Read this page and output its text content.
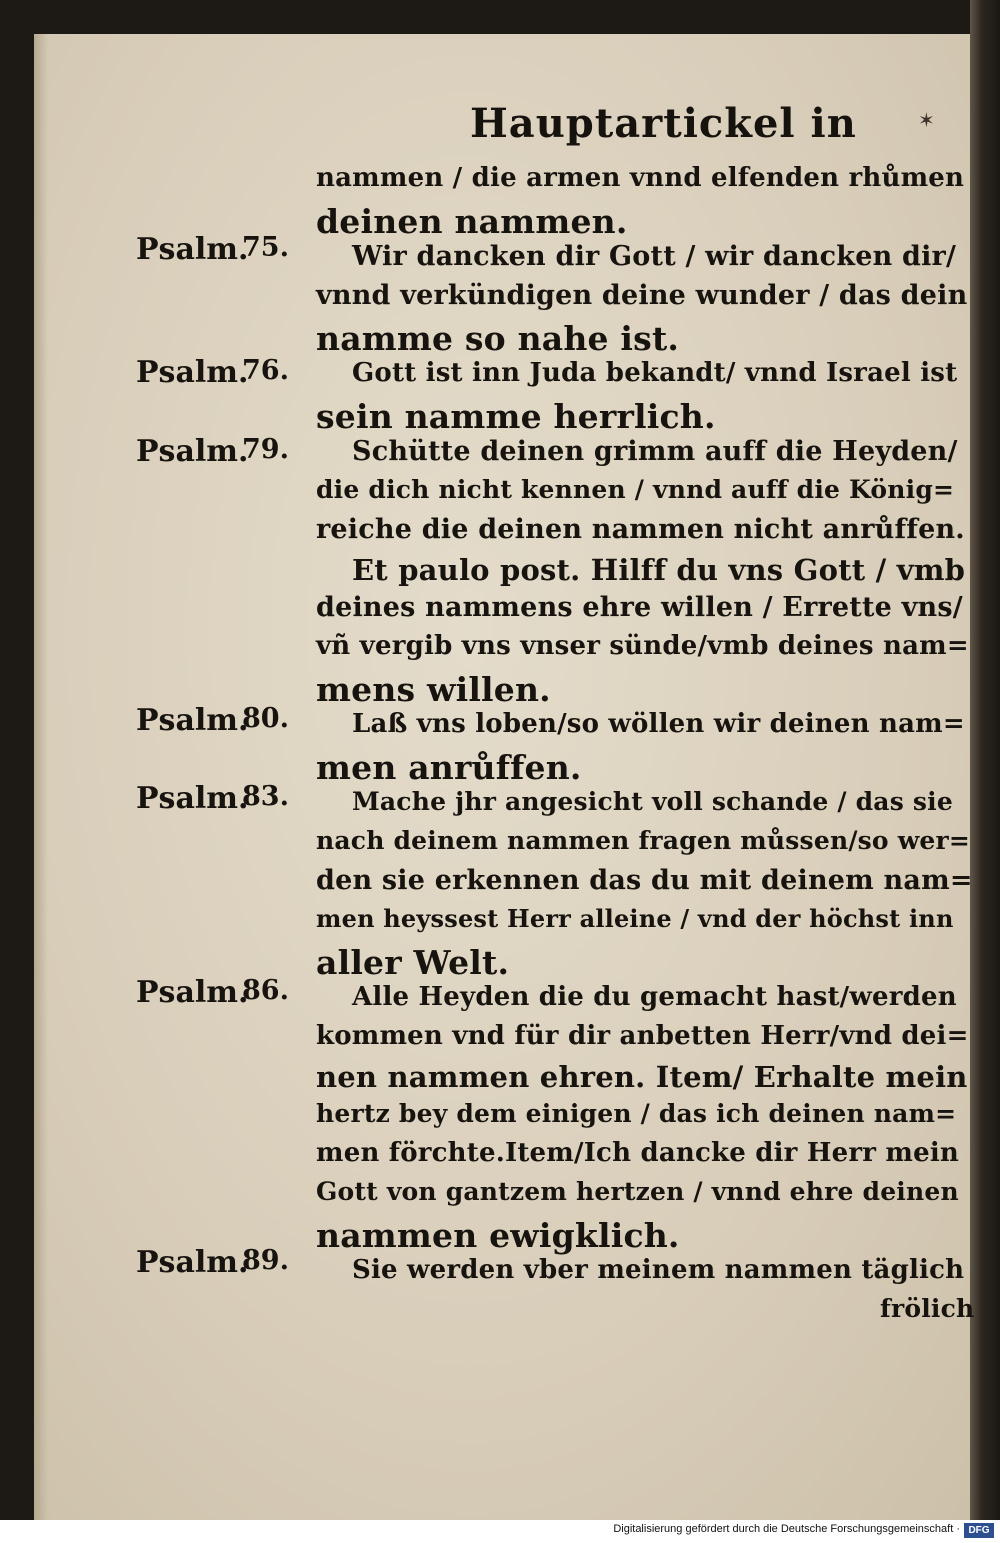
Hauptartickel in	✶
Psalm.
75.
Psalm.
76.
Psalm.
79.
Psalm.
80.
Psalm.
83.
Psalm.
86.
Psalm.
89.
nammen / die armen vnnd elfenden rhůmen
deinen nammen.
Wir dancken dir Gott / wir dancken dir/
vnnd verkündigen deine wunder / das dein
namme so nahe ist.
Gott ist inn Juda bekandt/ vnnd Israel ist
sein namme herrlich.
Schütte deinen grimm auff die Heyden/
die dich nicht kennen / vnnd auff die König=
reiche die deinen nammen nicht anrůffen.
Et paulo post. Hilff du vns Gott / vmb
deines nammens ehre willen / Errette vns/
vñ vergib vns vnser sünde/vmb deines nam=
mens willen.
Laß vns loben/so wöllen wir deinen nam=
men anrůffen.
Mache jhr angesicht voll schande / das sie
nach deinem nammen fragen můssen/so wer=
den sie erkennen das du mit deinem nam=
men heyssest Herr alleine / vnd der höchst inn
aller Welt.
Alle Heyden die du gemacht hast/werden
kommen vnd für dir anbetten Herr/vnd dei=
nen nammen ehren. Item/ Erhalte mein
hertz bey dem einigen / das ich deinen nam=
men förchte.Item/Ich dancke dir Herr mein
Gott von gantzem hertzen / vnnd ehre deinen
nammen ewigklich.
Sie werden vber meinem nammen täglich
frölich
Digitalisierung gefördert durch die Deutsche Forschungsgemeinschaft · DFG
